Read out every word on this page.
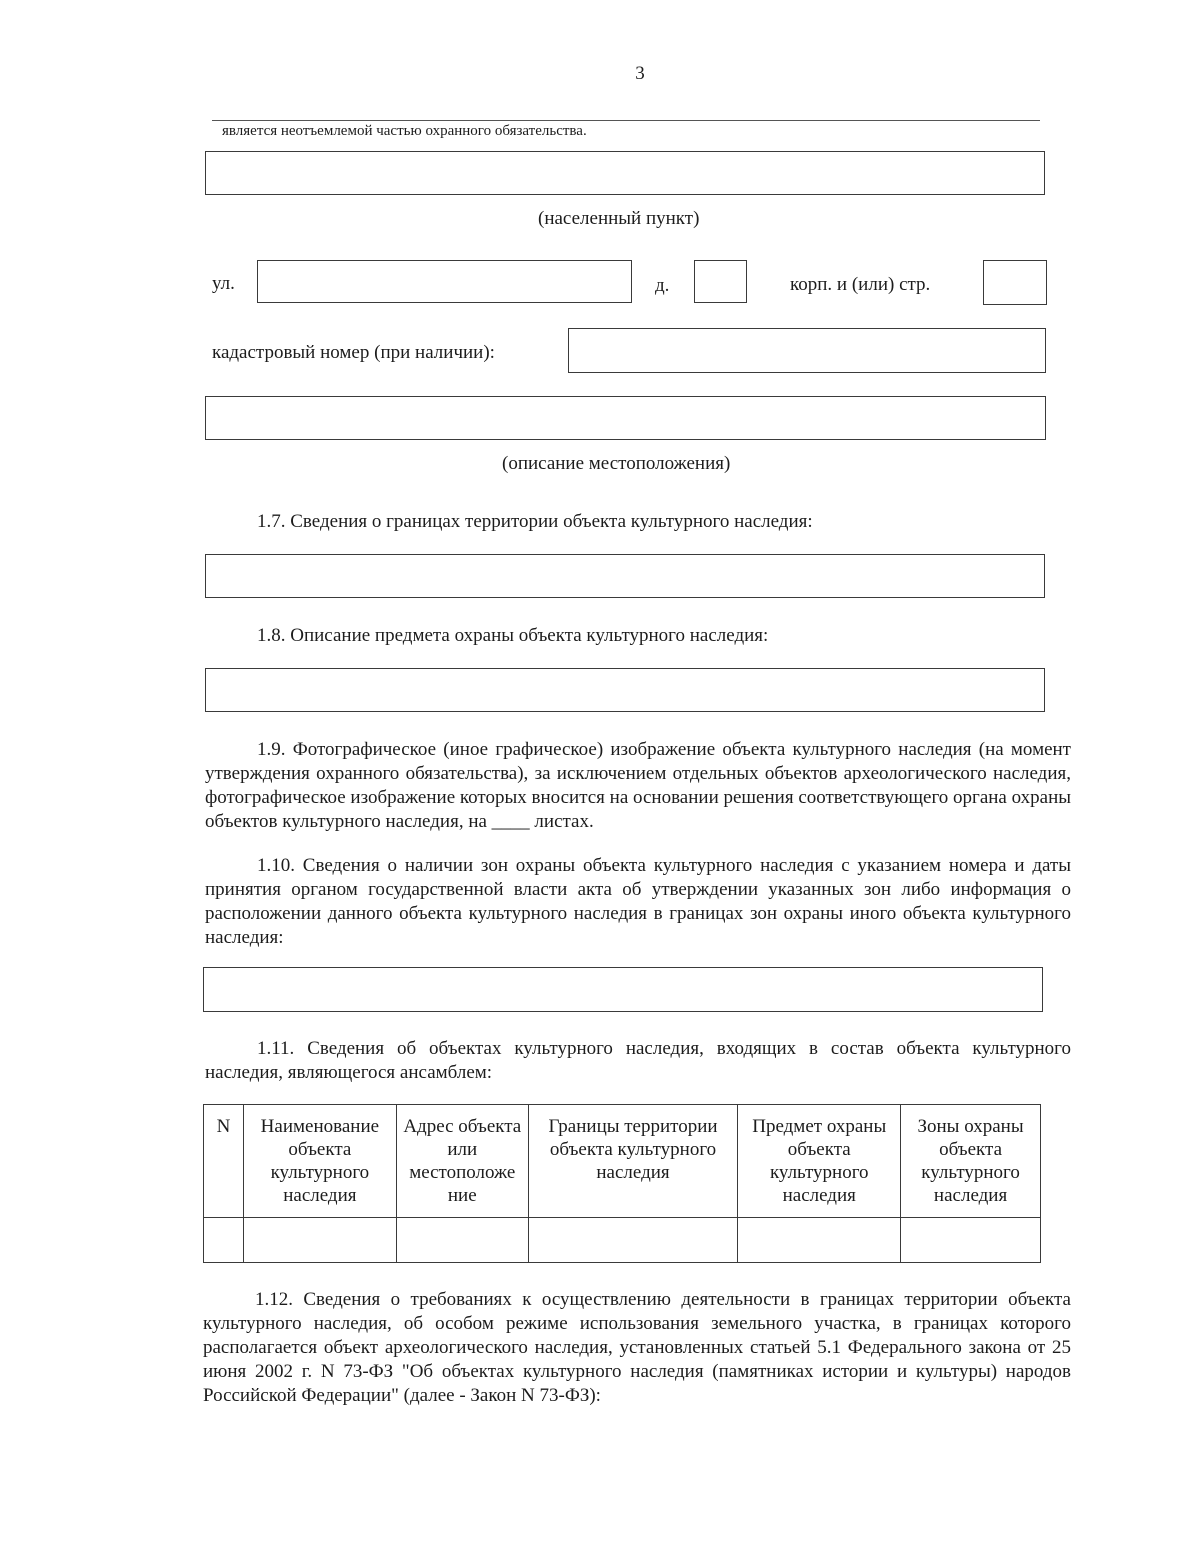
3
является неотъемлемой частью охранного обязательства.
(населенный пункт)
ул.	д.	корп. и (или) стр.
кадастровый номер (при наличии):
(описание местоположения)
1.7. Сведения о границах территории объекта культурного наследия:
1.8. Описание предмета охраны объекта культурного наследия:
1.9. Фотографическое (иное графическое) изображение объекта культурного наследия (на момент утверждения охранного обязательства), за исключением отдельных объектов археологического наследия, фотографическое изображение которых вносится на основании решения соответствующего органа охраны объектов культурного наследия, на ____ листах.
1.10. Сведения о наличии зон охраны объекта культурного наследия с указанием номера и даты принятия органом государственной власти акта об утверждении указанных зон либо информация о расположении данного объекта культурного наследия в границах зон охраны иного объекта культурного наследия:
1.11. Сведения об объектах культурного наследия, входящих в состав объекта культурного наследия, являющегося ансамблем:
N	Наименование объекта культурного наследия	Адрес объекта или местоположе ние	Границы территории объекта культурного наследия	Предмет охраны объекта культурного наследия	Зоны охраны объекта культурного наследия

1.12. Сведения о требованиях к осуществлению деятельности в границах территории объекта культурного наследия, об особом режиме использования земельного участка, в границах которого располагается объект археологического наследия, установленных статьей 5.1 Федерального закона от 25 июня 2002 г. N 73-ФЗ "Об объектах культурного наследия (памятниках истории и культуры) народов Российской Федерации" (далее - Закон N 73-ФЗ):
